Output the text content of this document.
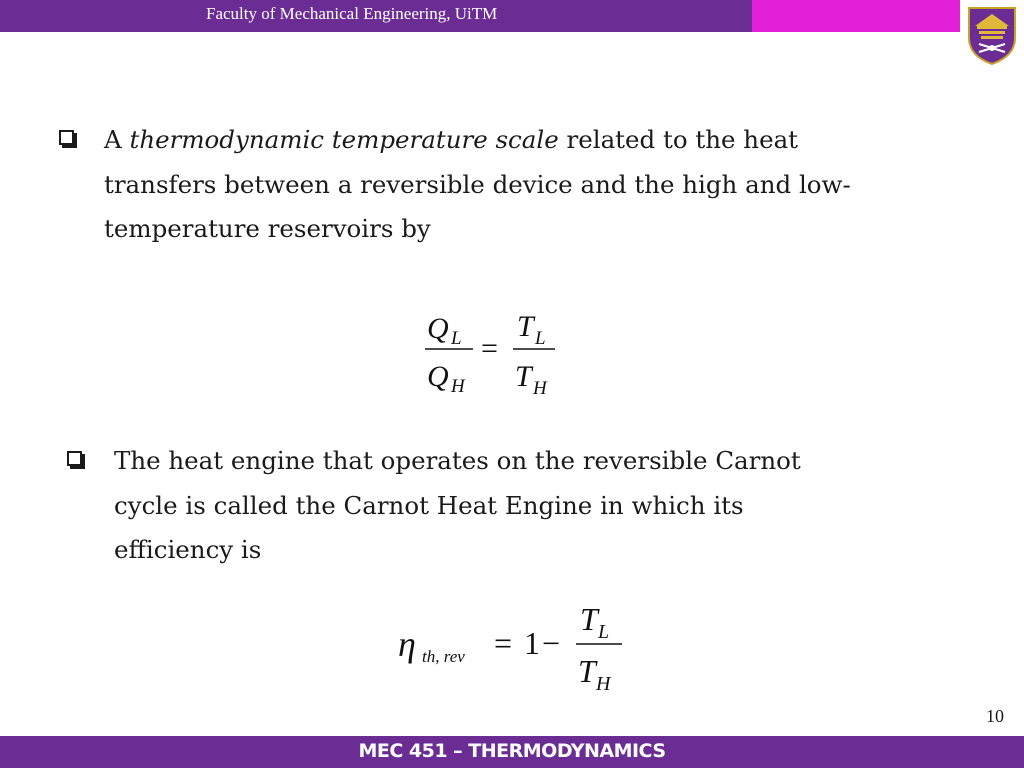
Faculty of Mechanical Engineering, UiTM
A thermodynamic temperature scale related to the heat
transfers between a reversible device and the high and low-
temperature reservoirs by
Q L
Q H
=
T L
T H
The heat engine that operates on the reversible Carnot
cycle is called the Carnot Heat Engine in which its
efficiency is
η th, rev = 1 −
T L
T H
10
MEC 451 – THERMODYNAMICS
